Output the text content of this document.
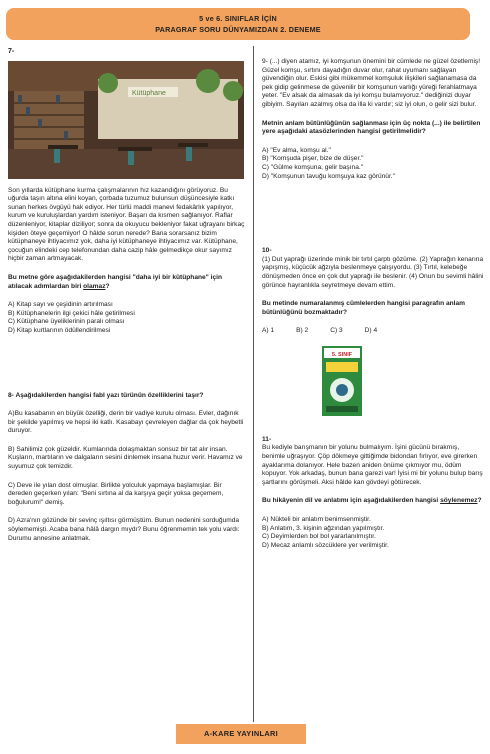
5 ve 6. SINIFLAR İÇİN
PARAGRAF SORU DÜNYAMIZDAN 2. DENEME
7-
Kütüphane

Son yıllarda kütüphane kurma çalışmalarının hız kazandığını görüyoruz. Bu uğurda taşın altına elini koyan, çorbada tuzumuz bulunsun düşüncesiyle katkı sunan herkes övgüyü hak ediyor. Her türlü maddi manevi fedakârlık yapılıyor, kurum ve kuruluşlardan yardım isteniyor. Başarı da kısmen sağlanıyor. Raflar düzenleniyor, kitaplar diziliyor; sonra da okuyucu bekleniyor fakat uğrayanı birkaç kişiden öteye geçemiyor! O hâlde sorun nerede? Bana sorarsanız bizim kütüphaneye ihtiyacımız yok, daha iyi kütüphaneye ihtiyacımız var. Kütüphane, çocuğun elindeki cep telefonundan daha cazip hâle gelmedikçe okur sayımız hiçbir zaman artmayacak.

Bu metne göre aşağıdakilerden hangisi "daha iyi bir kütüphane" için atılacak adımlardan biri olamaz?

A) Kitap sayı ve çeşidinin artırılması

B) Kütüphanelerin ilgi çekici hâle getirilmesi

C) Kütüphane üyeliklerinin paralı olması

D) Kitap kurtlarının ödüllendirilmesi

8- Aşağıdakilerden hangisi fabl yazı türünün özelliklerini taşır?

A)Bu kasabanın en büyük özelliği, derin bir vadiye kurulu olması. Evler, dağınık bir şekilde yapılmış ve hepsi iki katlı. Kasabayı çevreleyen dağlar da çok heybetli duruyor.

B) Sahilimiz çok güzeldir. Kumlarında dolaşmaktan sonsuz bir tat alır insan. Kuşların, martıların ve dalgaların sesini dinlemek insana huzur verir. Havamız ve suyumuz çok temizdir.

C) Deve ile yılan dost olmuşlar. Birlikte yolculuk yapmaya başlamışlar. Bir dereden geçerken yılan: "Beni sırtına al da karşıya geçir yoksa geçemem, boğulurum!" demiş.

D) Azra'nın gözünde bir sevinç ışıltısı görmüştüm. Bunun nedenini sorduğumda söylememişti. Acaba bana hâlâ dargın mıydı? Bunu öğrenmemin tek yolu vardı: Durumu annesine anlatmak.

9- (...) diyen atamız, iyi komşunun önemini bir cümlede ne güzel özetlemiş! Güzel komşu, sırtını dayadığın duvar olur, rahat uyumanı sağlayan güvendiğin olur. Eskisi gibi mükemmel komşuluk ilişkileri sağlanamasa da pek gidip gelinmese de güvenilir bir komşunun varlığı yüreği ferahlatmaya yeter. "Ev alsak da almasak da iyi komşu bulamıyoruz." dediğinizi duyar gibiyim. Sayıları azalmış olsa da illa ki vardır; siz iyi olun, o gelir sizi bulur.

Metnin anlam bütünlüğünün sağlanması için üç nokta (...) ile belirtilen yere aşağıdaki atasözlerinden hangisi getirilmelidir?

A) "Ev alma, komşu al."

B) "Komşuda pişer, bize de düşer."

C) "Gülme komşuna, gelir başına."

D) "Komşunun tavuğu komşuya kaz görünür."

10-

(1) Dut yaprağı üzerinde minik bir tırtıl çarptı gözüme. (2) Yaprağın kenarına yapışmış, küçücük ağzıyla beslenmeye çalışıyordu. (3) Tırtıl, kelebeğe dönüşmeden önce en çok dut yaprağı ile beslenir. (4) Onun bu sevimli hâlini görünce hayranlıkla seyretmeye devam ettim.

Bu metinde numaralanmış cümlelerden hangisi paragrafın anlam bütünlüğünü bozmaktadır?

A) 1	B) 2	C) 3	D) 4
5. SINIF

11-

Bu kediyle barışmanın bir yolunu bulmalıyım. İşini gücünü bırakmış, benimle uğraşıyor. Çöp dökmeye gittiğimde bidondan fırlıyor, eve girerken ayaklarıma dolanıyor. Hele bazen aniden önüme çıkmıyor mu, ödüm kopuyor. Yok arkadaş, bunun bana garezi var! İyisi mi bir yolunu bulup barış şartlarını görüşmeli. Aksi hâlde kan gövdeyi götürecek.

Bu hikâyenin dil ve anlatımı için aşağıdakilerden hangisi söylenemez?

A) Nükteli bir anlatım benimsenmiştir.

B) Anlatım, 3. kişinin ağzından yapılmıştır.

C) Deyimlerden bol bol yararlanılmıştır.

D) Mecaz anlamlı sözcüklere yer verilmiştir.

A-KARE YAYINLARI
